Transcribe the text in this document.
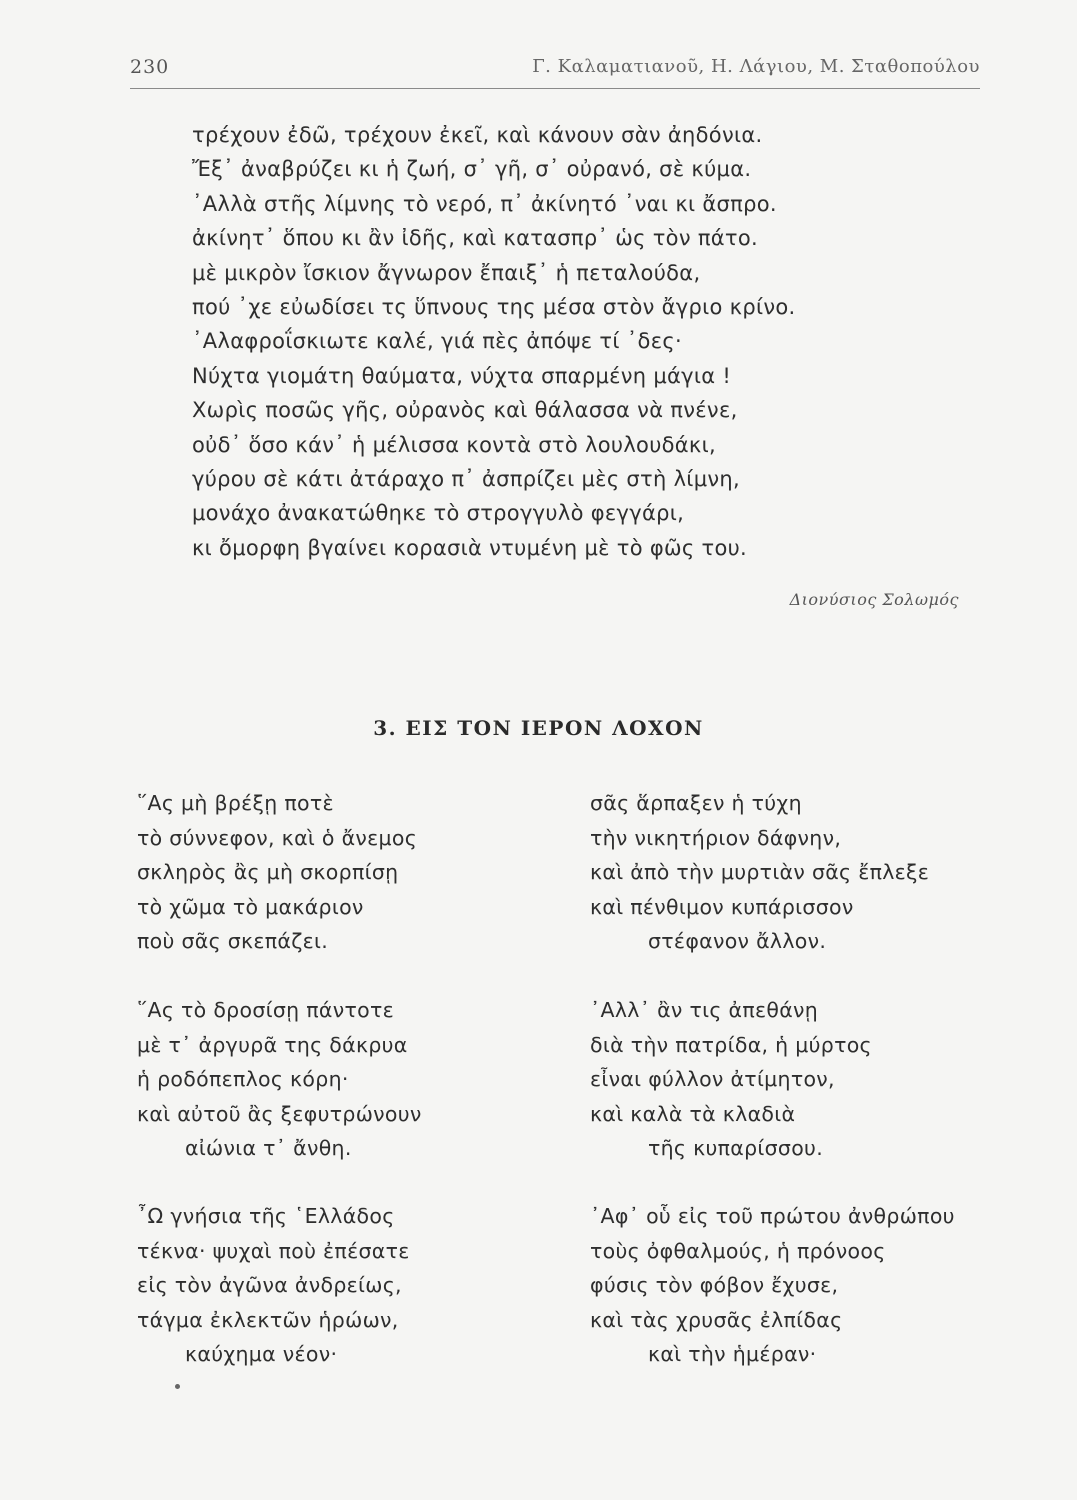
230	Γ. Καλαματιανοῦ, Η. Λάγιου, Μ. Σταθοπούλου
τρέχουν ἐδῶ, τρέχουν ἐκεῖ, καὶ κάνουν σὰν ἀηδόνια.
Ἔξ᾿ ἀναβρύζει κι ἡ ζωή, σ᾿ γῆ, σ᾿ οὐρανό, σὲ κύμα.
᾿Αλλὰ στῆς λίμνης τὸ νερό, π᾿ ἀκίνητό ᾿ναι κι ἄσπρο.
ἀκίνητ᾿ ὅπου κι ἂν ἰδῆς, καὶ κατασπρ᾿ ὡς τὸν πάτο.
μὲ μικρὸν ἴσκιον ἄγνωρον ἔπαιξ᾿ ἡ πεταλούδα,
πού ᾿χε εὐωδίσει τς ὕπνους της μέσα στὸν ἄγριο κρίνο.
᾿Αλαφροΐσκιωτε καλέ, γιά πὲς ἀπόψε τί ᾿δες·
Νύχτα γιομάτη θαύματα, νύχτα σπαρμένη μάγια !
Χωρὶς ποσῶς γῆς, οὐρανὸς καὶ θάλασσα νὰ πνένε,
οὐδ᾿ ὅσο κάν᾿ ἡ μέλισσα κοντὰ στὸ λουλουδάκι,
γύρου σὲ κάτι ἀτάραχο π᾿ ἀσπρίζει μὲς στὴ λίμνη,
μονάχο ἀνακατώθηκε τὸ στρογγυλὸ φεγγάρι,
κι ὄμορφη βγαίνει κορασιὰ ντυμένη μὲ τὸ φῶς του.
Διονύσιος Σολωμός
3. ΕΙΣ ΤΟΝ ΙΕΡΟΝ ΛΟΧΟΝ
῞Ας μὴ βρέξῃ ποτὲ
τὸ σύννεφον, καὶ ὁ ἄνεμος
σκληρὸς ἂς μὴ σκορπίσῃ
τὸ χῶμα τὸ μακάριον
ποὺ σᾶς σκεπάζει.
῞Ας τὸ δροσίσῃ πάντοτε
μὲ τ᾿ ἀργυρᾶ της δάκρυα
ἡ ροδόπεπλος κόρη·
καὶ αὐτοῦ ἂς ξεφυτρώνουν
αἰώνια τ᾿ ἄνθη.
῏Ω γνήσια τῆς ῾Ελλάδος
τέκνα· ψυχαὶ ποὺ ἐπέσατε
εἰς τὸν ἀγῶνα ἀνδρείως,
τάγμα ἐκλεκτῶν ἡρώων,
καύχημα νέον·
σᾶς ἅρπαξεν ἡ τύχη
τὴν νικητήριον δάφνην,
καὶ ἀπὸ τὴν μυρτιὰν σᾶς ἔπλεξε
καὶ πένθιμον κυπάρισσον
στέφανον ἄλλον.
᾿Αλλ᾿ ἂν τις ἀπεθάνῃ
διὰ τὴν πατρίδα, ἡ μύρτος
εἶναι φύλλον ἀτίμητον,
καὶ καλὰ τὰ κλαδιὰ
τῆς κυπαρίσσου.
᾿Αφ᾿ οὗ εἰς τοῦ πρώτου ἀνθρώπου
τοὺς ὀφθαλμούς, ἡ πρόνοος
φύσις τὸν φόβον ἔχυσε,
καὶ τὰς χρυσᾶς ἐλπίδας
καὶ τὴν ἡμέραν·
